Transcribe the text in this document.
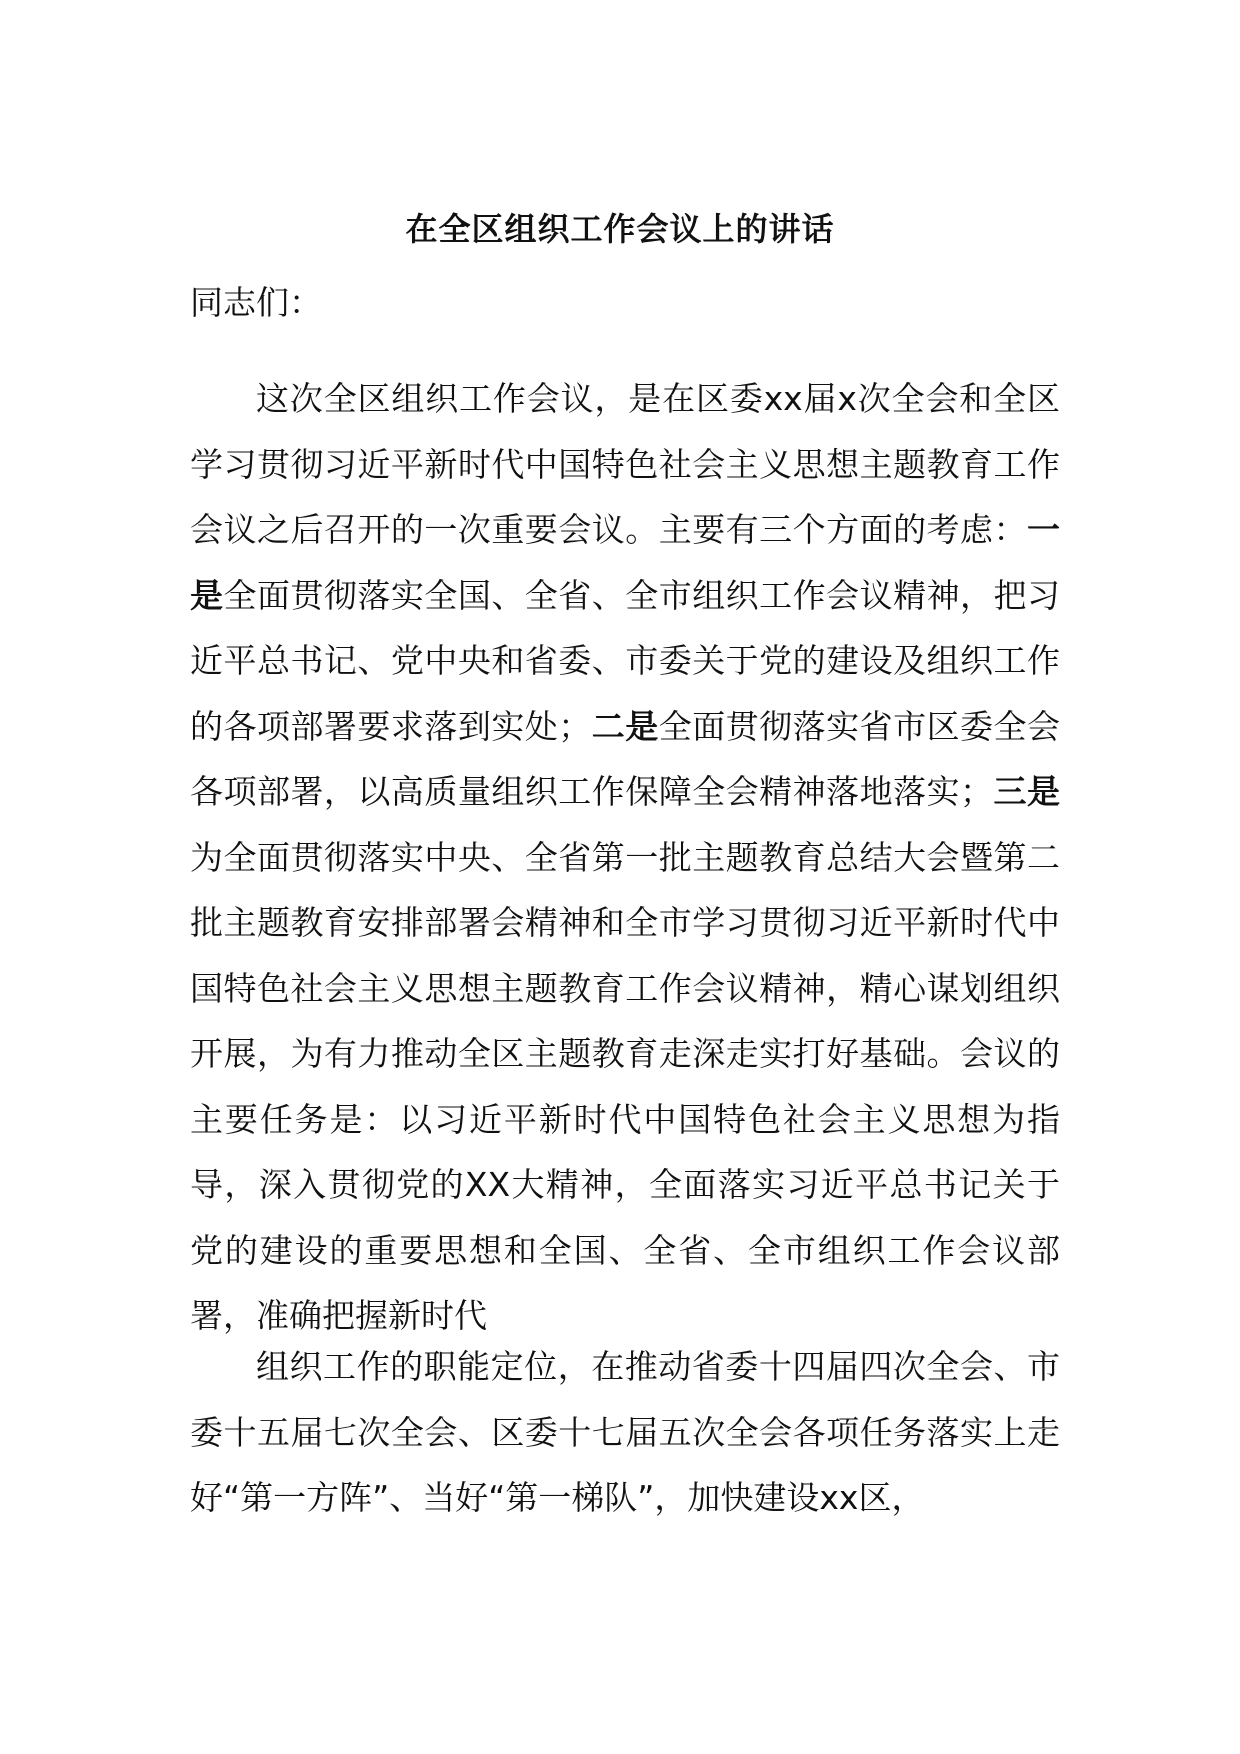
在全区组织工作会议上的讲话
同志们：
这次全区组织工作会议，是在区委xx届x次全会和全区学习贯彻习近平新时代中国特色社会主义思想主题教育工作会议之后召开的一次重要会议。主要有三个方面的考虑：一是全面贯彻落实全国、全省、全市组织工作会议精神，把习近平总书记、党中央和省委、市委关于党的建设及组织工作的各项部署要求落到实处；二是全面贯彻落实省市区委全会各项部署，以高质量组织工作保障全会精神落地落实；三是为全面贯彻落实中央、全省第一批主题教育总结大会暨第二批主题教育安排部署会精神和全市学习贯彻习近平新时代中国特色社会主义思想主题教育工作会议精神，精心谋划组织开展，为有力推动全区主题教育走深走实打好基础。会议的主要任务是：以习近平新时代中国特色社会主义思想为指导，深入贯彻党的XX大精神，全面落实习近平总书记关于党的建设的重要思想和全国、全省、全市组织工作会议部署，准确把握新时代
组织工作的职能定位，在推动省委十四届四次全会、市委十五届七次全会、区委十七届五次全会各项任务落实上走好“第一方阵”、当好“第一梯队”，加快建设xx区，
